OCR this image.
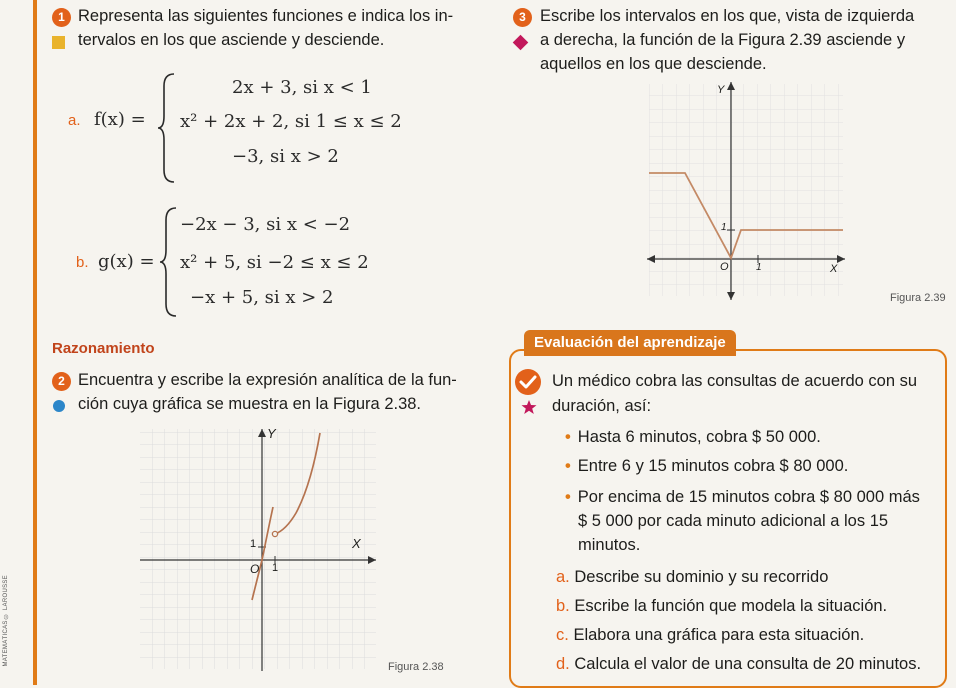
MATEMÁTICAS © LAROUSSE
1 Representa las siguientes funciones e indica los in-
tervalos en los que asciende y desciende.
a. f(x) =
2x + 3, si x < 1
x² + 2x + 2, si 1 ≤ x ≤ 2
−3, si x > 2
b. g(x) =
−2x − 3, si x < −2
x² + 5, si −2 ≤ x ≤ 2
−x + 5, si x > 2
Razonamiento
2 Encuentra y escribe la expresión analítica de la fun-
ción cuya gráfica se muestra en la Figura 2.38.
Y
X
O 1
1
Figura 2.38
3 Escribe los intervalos en los que, vista de izquierda
a derecha, la función de la Figura 2.39 asciende y
aquellos en los que desciende.
Y
X
O	1
1
Figura 2.39
Evaluación del aprendizaje
Un médico cobra las consultas de acuerdo con su
duración, así:
• Hasta 6 minutos, cobra $ 50 000.
• Entre 6 y 15 minutos cobra $ 80 000.
• Por encima de 15 minutos cobra $ 80 000 más
$ 5 000 por cada minuto adicional a los 15
minutos.
a. Describe su dominio y su recorrido
b. Escribe la función que modela la situación.
c. Elabora una gráfica para esta situación.
d. Calcula el valor de una consulta de 20 minutos.
